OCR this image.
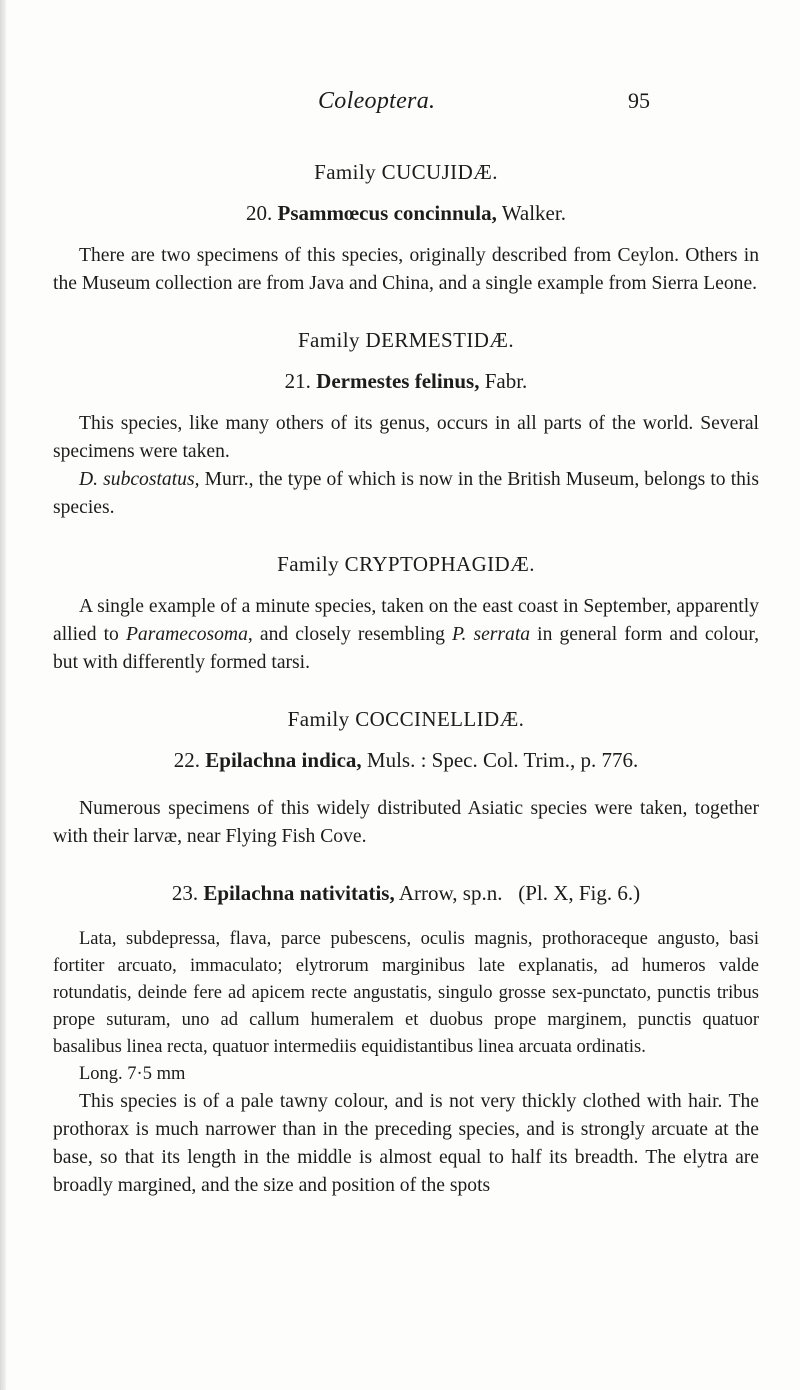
Coleoptera.	95

Family CUCUJIDÆ.

20. Psammœcus concinnula, Walker.

There are two specimens of this species, originally described from Ceylon. Others in the Museum collection are from Java and China, and a single example from Sierra Leone.

Family DERMESTIDÆ.

21. Dermestes felinus, Fabr.

This species, like many others of its genus, occurs in all parts of the world. Several specimens were taken.

D. subcostatus, Murr., the type of which is now in the British Museum, belongs to this species.

Family CRYPTOPHAGIDÆ.

A single example of a minute species, taken on the east coast in September, apparently allied to Paramecosoma, and closely resembling P. serrata in general form and colour, but with differently formed tarsi.

Family COCCINELLIDÆ.

22. Epilachna indica, Muls. : Spec. Col. Trim., p. 776.

Numerous specimens of this widely distributed Asiatic species were taken, together with their larvæ, near Flying Fish Cove.

23. Epilachna nativitatis, Arrow, sp.n.   (Pl. X, Fig. 6.)

Lata, subdepressa, flava, parce pubescens, oculis magnis, prothoraceque angusto, basi fortiter arcuato, immaculato; elytrorum marginibus late explanatis, ad humeros valde rotundatis, deinde fere ad apicem recte angustatis, singulo grosse sex-punctato, punctis tribus prope suturam, uno ad callum humeralem et duobus prope marginem, punctis quatuor basalibus linea recta, quatuor intermediis equidistantibus linea arcuata ordinatis.

Long. 7·5 mm

This species is of a pale tawny colour, and is not very thickly clothed with hair. The prothorax is much narrower than in the preceding species, and is strongly arcuate at the base, so that its length in the middle is almost equal to half its breadth. The elytra are broadly margined, and the size and position of the spots
